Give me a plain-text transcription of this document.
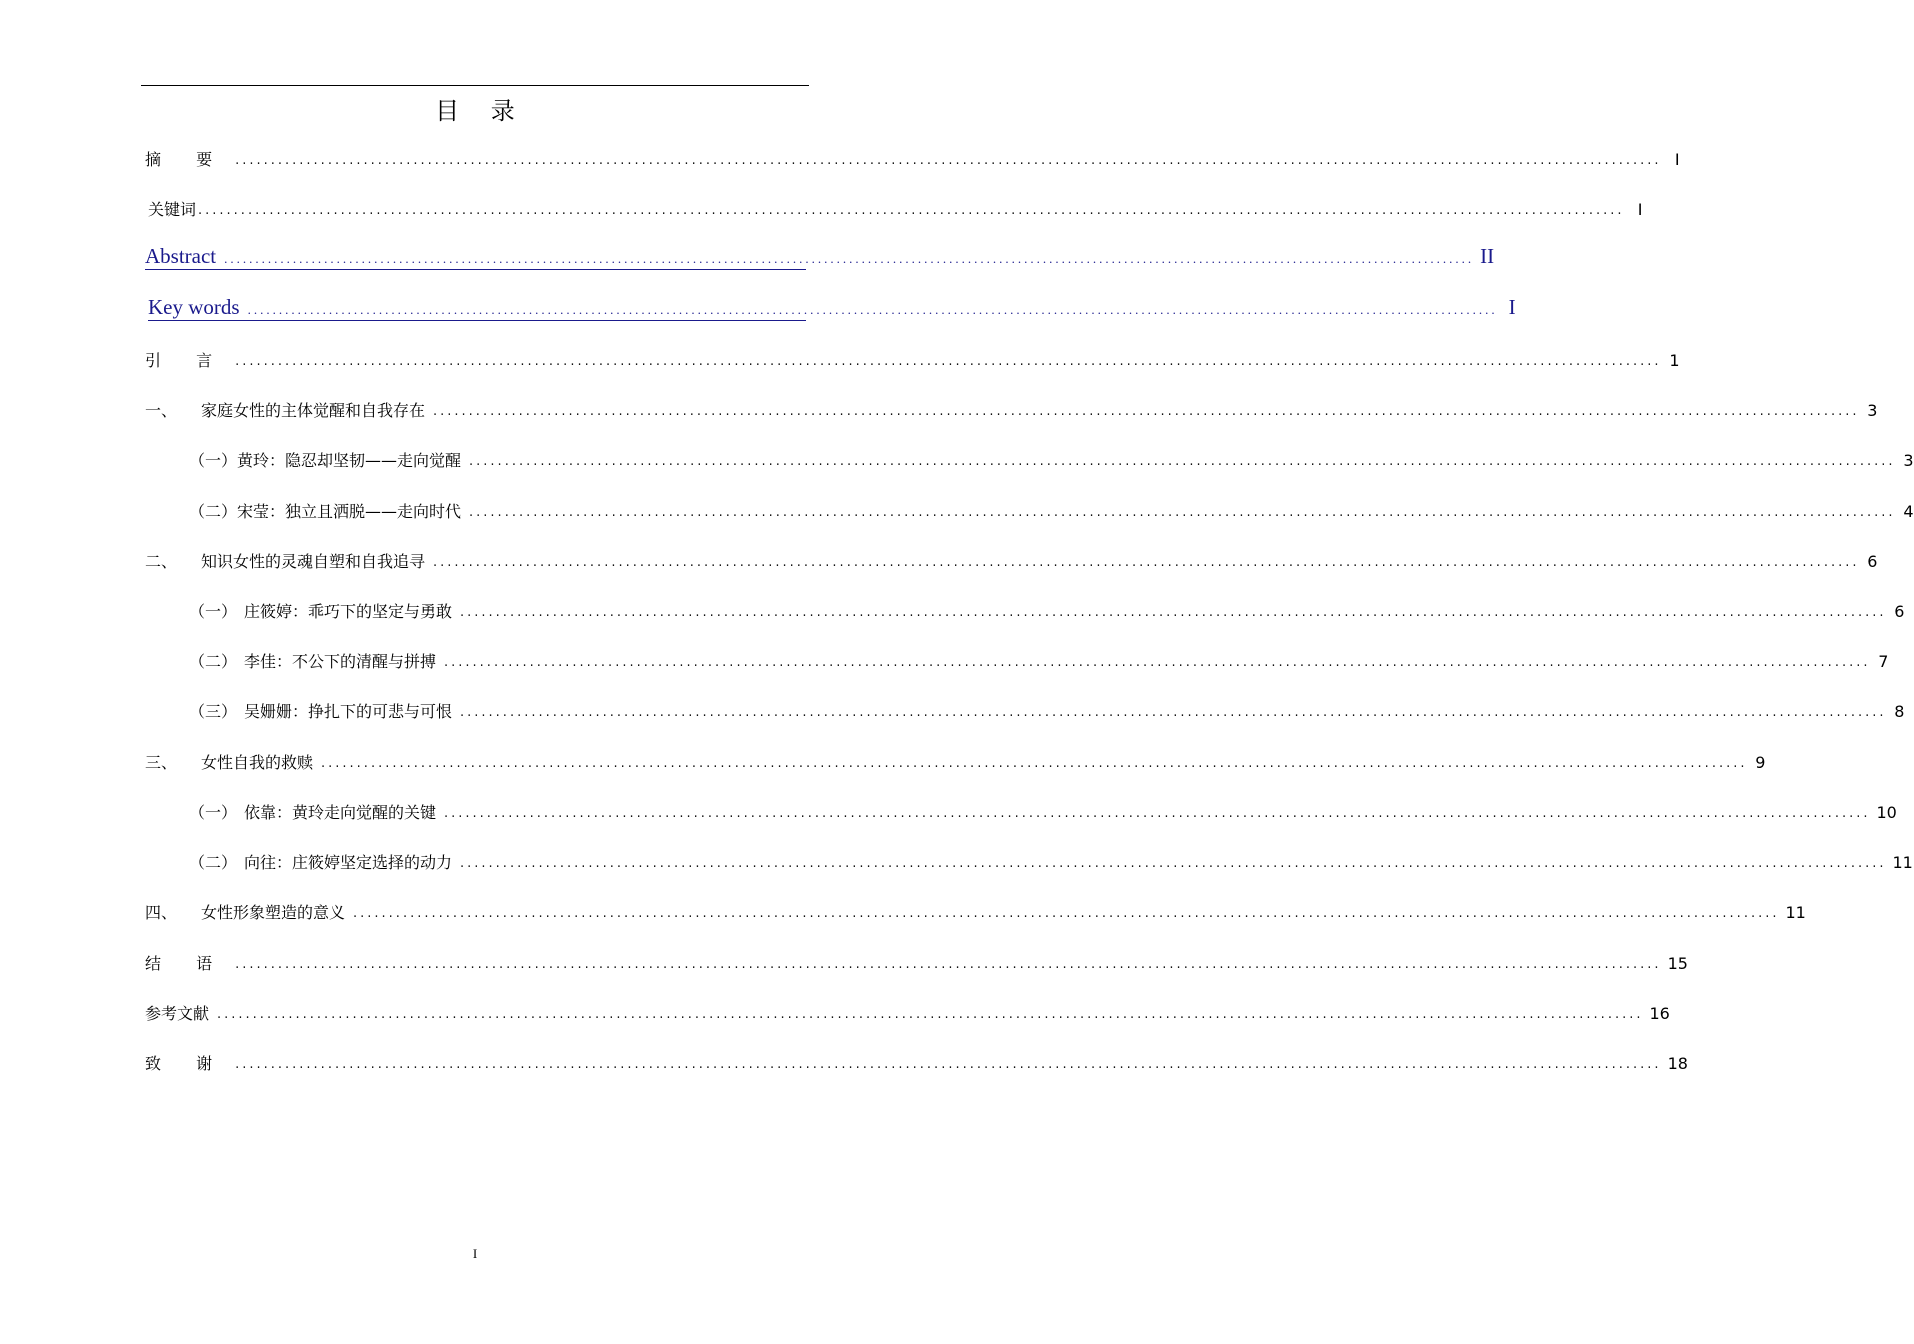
目 录
摘 要 ........................................................................................................................................................................................................ I
关键词 ........................................................................................................................................................................................................ I
Abstract ........................................................................................................................................................................................................ II
Key words ........................................................................................................................................................................................................ I
引 言 ........................................................................................................................................................................................................ 1
一、 家庭女性的主体觉醒和自我存在 ........................................................................................................................................................................................................ 3
（一）黄玲：隐忍却坚韧——走向觉醒 ........................................................................................................................................................................................................ 3
（二）宋莹：独立且洒脱——走向时代 ........................................................................................................................................................................................................ 4
二、 知识女性的灵魂自塑和自我追寻 ........................................................................................................................................................................................................ 6
（一） 庄筱婷：乖巧下的坚定与勇敢 ........................................................................................................................................................................................................ 6
（二） 李佳：不公下的清醒与拼搏 ........................................................................................................................................................................................................ 7
（三） 吴姗姗：挣扎下的可悲与可恨 ........................................................................................................................................................................................................ 8
三、 女性自我的救赎 ........................................................................................................................................................................................................ 9
（一） 依靠：黄玲走向觉醒的关键 ........................................................................................................................................................................................................ 10
（二） 向往：庄筱婷坚定选择的动力 ........................................................................................................................................................................................................ 11
四、 女性形象塑造的意义 ........................................................................................................................................................................................................ 11
结 语 ........................................................................................................................................................................................................ 15
参考文献 ........................................................................................................................................................................................................ 16
致 谢 ........................................................................................................................................................................................................ 18
I
